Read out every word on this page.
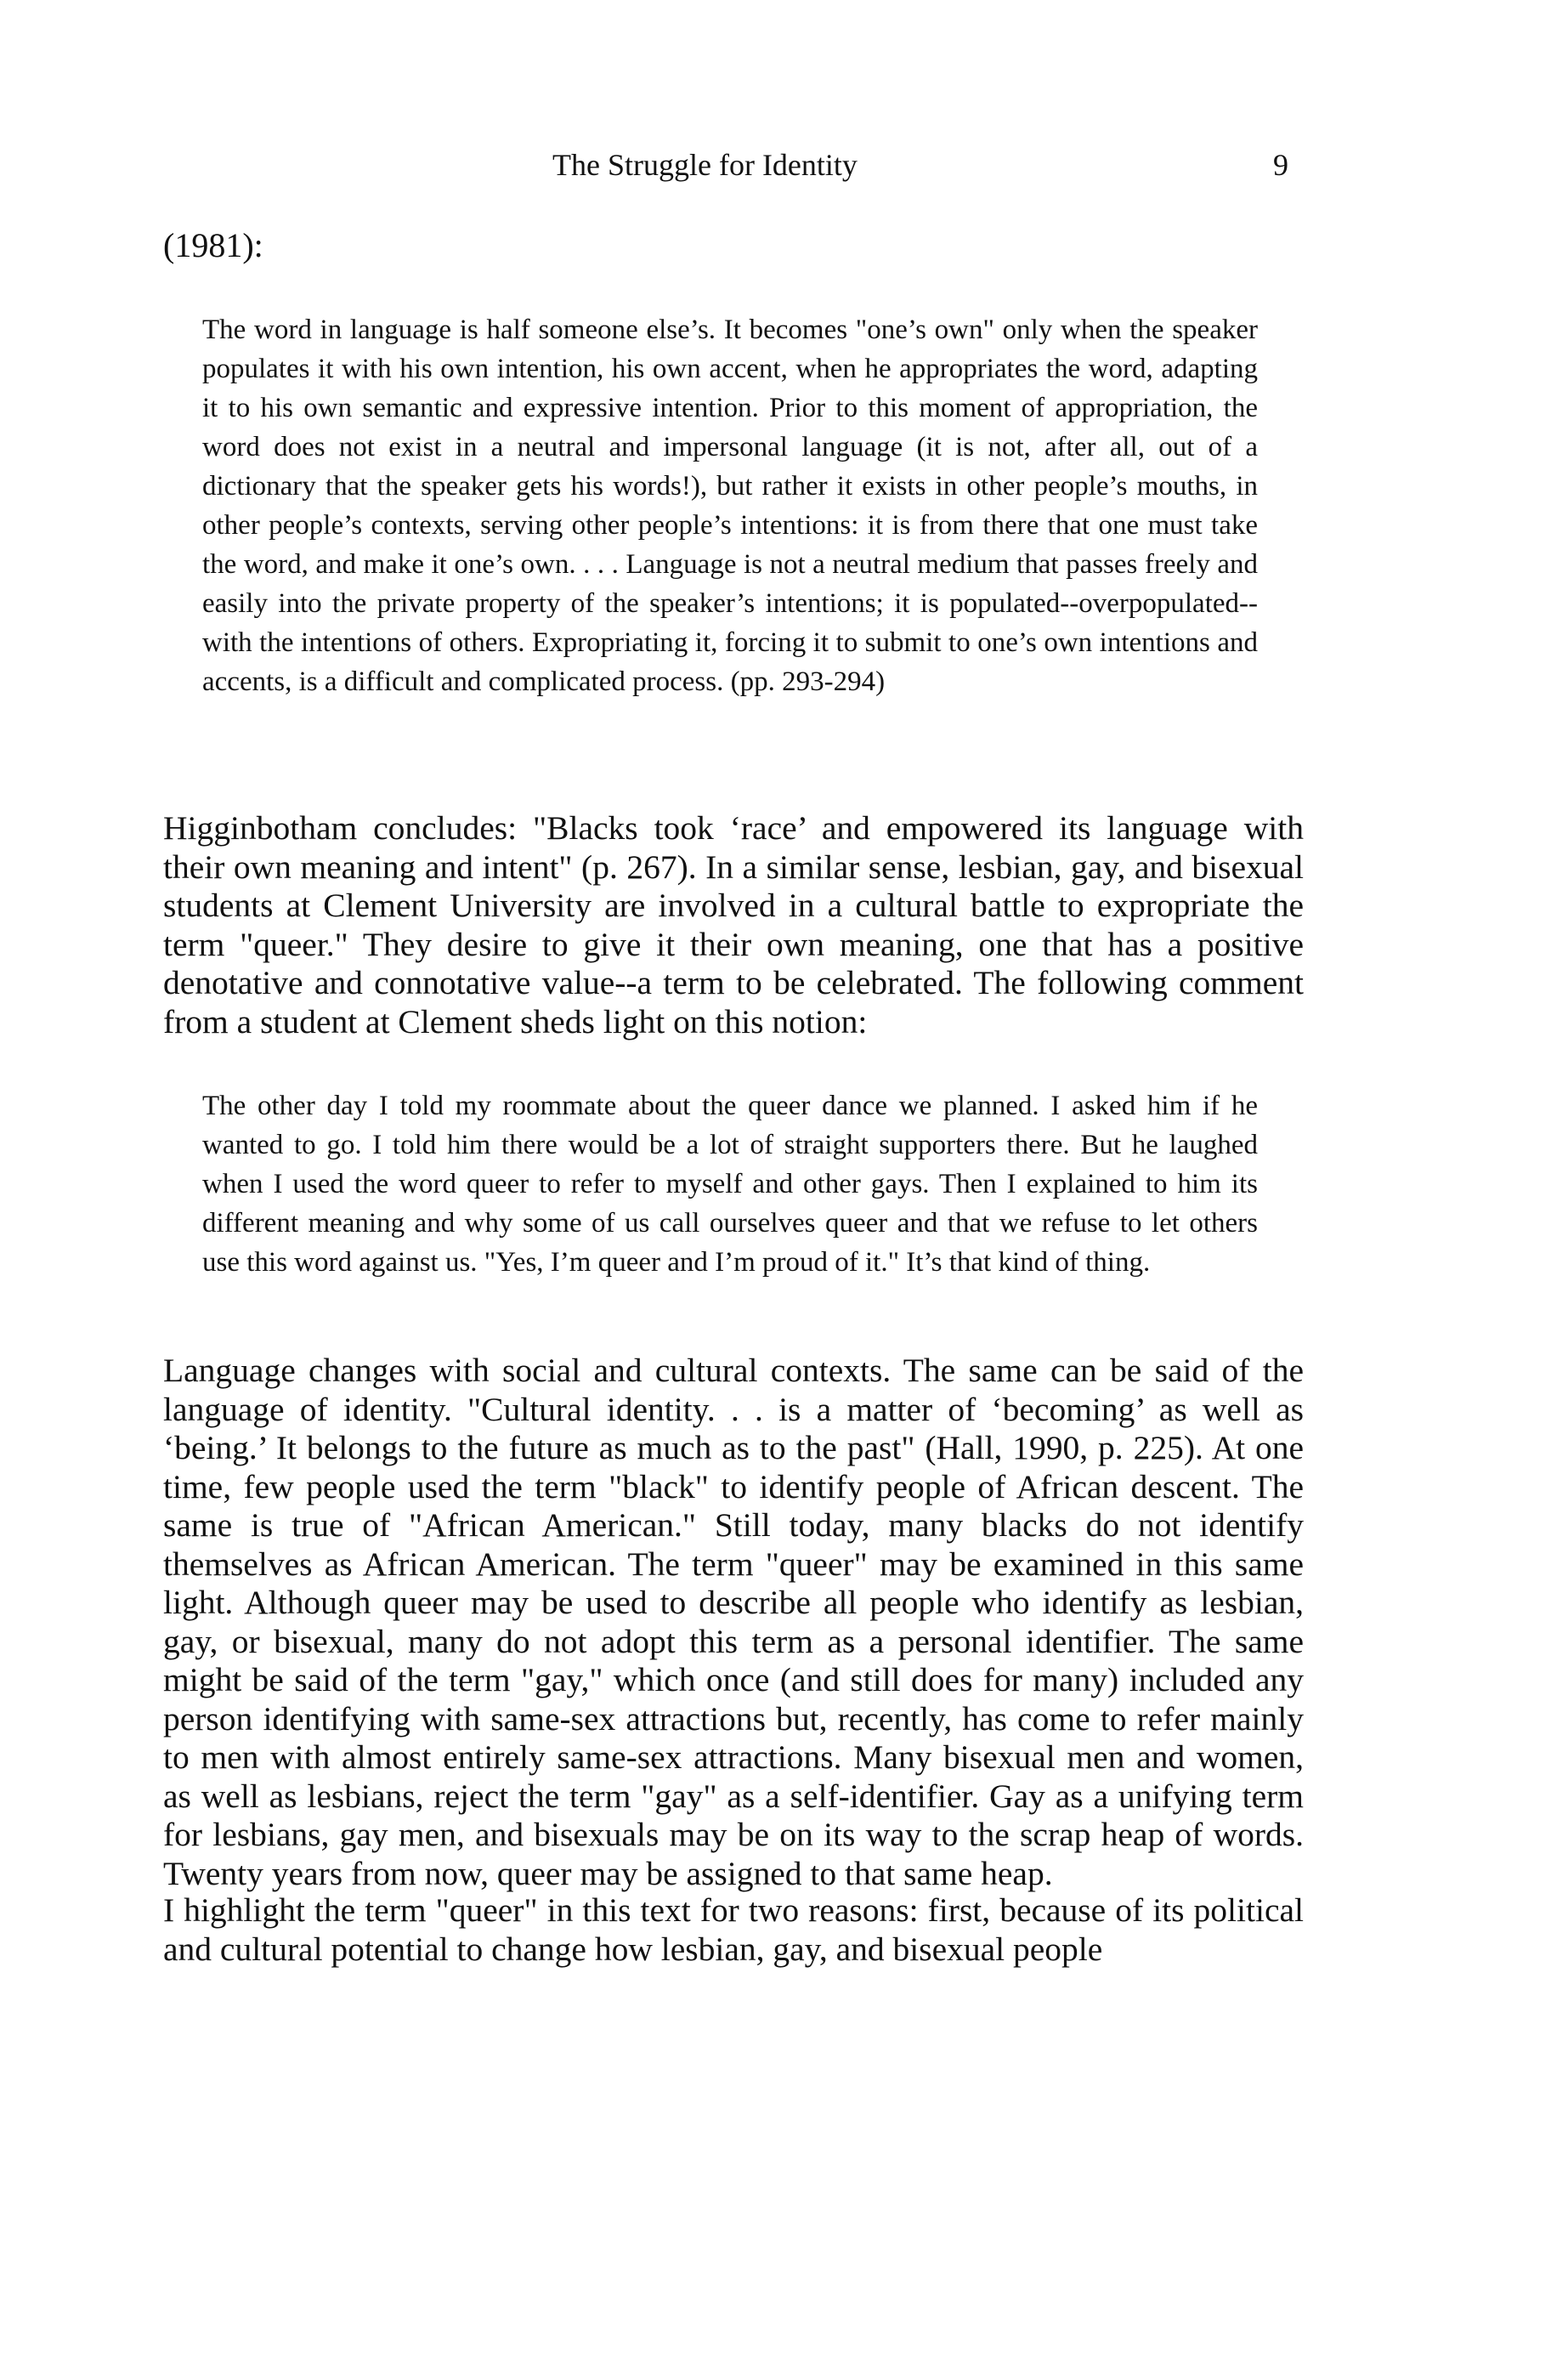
The Struggle for Identity	9
(1981):

The word in language is half someone else’s. It becomes "one’s own" only when the speaker populates it with his own intention, his own accent, when he appropriates the word, adapting it to his own semantic and expressive intention. Prior to this moment of appropriation, the word does not exist in a neutral and impersonal language (it is not, after all, out of a dictionary that the speaker gets his words!), but rather it exists in other people’s mouths, in other people’s contexts, serving other people’s intentions: it is from there that one must take the word, and make it one’s own. . . . Language is not a neutral medium that passes freely and easily into the private property of the speaker’s intentions; it is populated--overpopulated--with the intentions of others. Expropriating it, forcing it to submit to one’s own intentions and accents, is a difficult and complicated process. (pp. 293-294)

Higginbotham concludes: "Blacks took ‘race’ and empowered its language with their own meaning and intent" (p. 267). In a similar sense, lesbian, gay, and bisexual students at Clement University are involved in a cultural battle to expropriate the term "queer." They desire to give it their own meaning, one that has a positive denotative and connotative value--a term to be celebrated. The following comment from a student at Clement sheds light on this notion:

The other day I told my roommate about the queer dance we planned. I asked him if he wanted to go. I told him there would be a lot of straight supporters there. But he laughed when I used the word queer to refer to myself and other gays. Then I explained to him its different meaning and why some of us call ourselves queer and that we refuse to let others use this word against us. "Yes, I’m queer and I’m proud of it." It’s that kind of thing.

Language changes with social and cultural contexts. The same can be said of the language of identity. "Cultural identity. . . is a matter of ‘becoming’ as well as ‘being.’ It belongs to the future as much as to the past" (Hall, 1990, p. 225). At one time, few people used the term "black" to identify people of African descent. The same is true of "African American." Still today, many blacks do not identify themselves as African American. The term "queer" may be examined in this same light. Although queer may be used to describe all people who identify as lesbian, gay, or bisexual, many do not adopt this term as a personal identifier. The same might be said of the term "gay," which once (and still does for many) included any person identifying with same-sex attractions but, recently, has come to refer mainly to men with almost entirely same-sex attractions. Many bisexual men and women, as well as lesbians, reject the term "gay" as a self-identifier. Gay as a unifying term for lesbians, gay men, and bisexuals may be on its way to the scrap heap of words. Twenty years from now, queer may be assigned to that same heap.

I highlight the term "queer" in this text for two reasons: first, because of its political and cultural potential to change how lesbian, gay, and bisexual people
